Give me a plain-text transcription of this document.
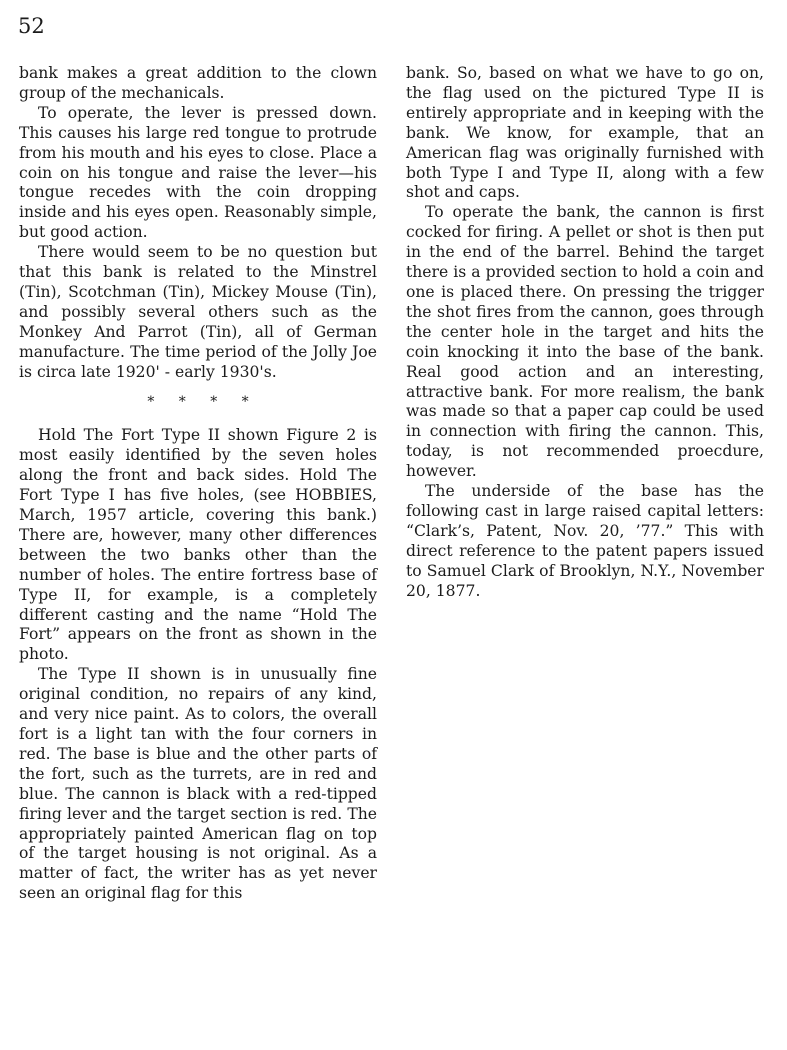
52

bank makes a great addition to the clown group of the mechanicals.

To operate, the lever is pressed down. This causes his large red tongue to protrude from his mouth and his eyes to close. Place a coin on his tongue and raise the lever—his tongue recedes with the coin dropping inside and his eyes open. Reasonably simple, but good action.

There would seem to be no question but that this bank is related to the Minstrel (Tin), Scotchman (Tin), Mickey Mouse (Tin), and possibly several others such as the Monkey And Parrot (Tin), all of German manufacture. The time period of the Jolly Joe is circa late 1920' - early 1930's.

* * * *

Hold The Fort Type II shown Figure 2 is most easily identified by the seven holes along the front and back sides. Hold The Fort Type I has five holes, (see HOBBIES, March, 1957 article, covering this bank.) There are, however, many other differences between the two banks other than the number of holes. The entire fortress base of Type II, for example, is a completely different casting and the name “Hold The Fort” appears on the front as shown in the photo.

The Type II shown is in unusually fine original condition, no repairs of any kind, and very nice paint. As to colors, the overall fort is a light tan with the four corners in red. The base is blue and the other parts of the fort, such as the turrets, are in red and blue. The cannon is black with a red-tipped firing lever and the target section is red. The appropriately painted American flag on top of the target housing is not original. As a matter of fact, the writer has as yet never seen an original flag for this

bank. So, based on what we have to go on, the flag used on the pictured Type II is entirely appropriate and in keeping with the bank. We know, for example, that an American flag was originally furnished with both Type I and Type II, along with a few shot and caps.

To operate the bank, the cannon is first cocked for firing. A pellet or shot is then put in the end of the barrel. Behind the target there is a provided section to hold a coin and one is placed there. On pressing the trigger the shot fires from the cannon, goes through the center hole in the target and hits the coin knocking it into the base of the bank. Real good action and an interesting, attractive bank. For more realism, the bank was made so that a paper cap could be used in connection with firing the cannon. This, today, is not recommended proecdure, however.

The underside of the base has the following cast in large raised capital letters: “Clark’s, Patent, Nov. 20, ’77.” This with direct reference to the patent papers issued to Samuel Clark of Brooklyn, N.Y., November 20, 1877.
